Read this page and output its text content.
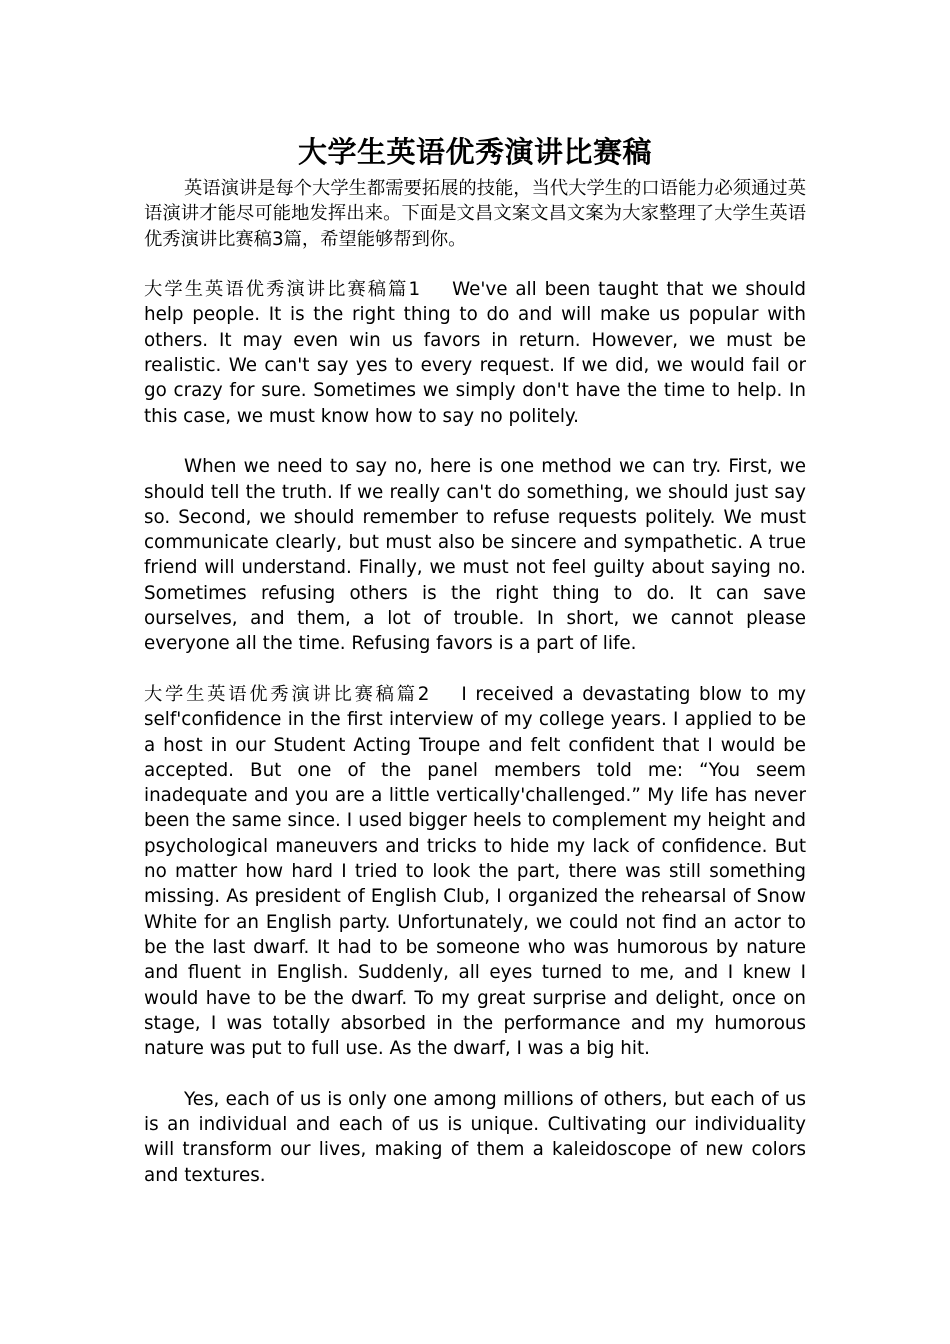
大学生英语优秀演讲比赛稿

英语演讲是每个大学生都需要拓展的技能，当代大学生的口语能力必须通过英语演讲才能尽可能地发挥出来。下面是文昌文案文昌文案为大家整理了大学生英语优秀演讲比赛稿3篇，希望能够帮到你。

大学生英语优秀演讲比赛稿篇1 We've all been taught that we should help people. It is the right thing to do and will make us popular with others. It may even win us favors in return. However, we must be realistic. We can't say yes to every request. If we did, we would fail or go crazy for sure. Sometimes we simply don't have the time to help. In this case, we must know how to say no politely.

When we need to say no, here is one method we can try. First, we should tell the truth. If we really can't do something, we should just say so. Second, we should remember to refuse requests politely. We must communicate clearly, but must also be sincere and sympathetic. A true friend will understand. Finally, we must not feel guilty about saying no. Sometimes refusing others is the right thing to do. It can save ourselves, and them, a lot of trouble. In short, we cannot please everyone all the time. Refusing favors is a part of life.

大学生英语优秀演讲比赛稿篇2 I received a devastating blow to my self'confidence in the first interview of my college years. I applied to be a host in our Student Acting Troupe and felt confident that I would be accepted. But one of the panel members told me: “You seem inadequate and you are a little vertically'challenged.” My life has never been the same since. I used bigger heels to complement my height and psychological maneuvers and tricks to hide my lack of confidence. But no matter how hard I tried to look the part, there was still something missing. As president of English Club, I organized the rehearsal of Snow White for an English party. Unfortunately, we could not find an actor to be the last dwarf. It had to be someone who was humorous by nature and fluent in English. Suddenly, all eyes turned to me, and I knew I would have to be the dwarf. To my great surprise and delight, once on stage, I was totally absorbed in the performance and my humorous nature was put to full use. As the dwarf, I was a big hit.

Yes, each of us is only one among millions of others, but each of us is an individual and each of us is unique. Cultivating our individuality will transform our lives, making of them a kaleidoscope of new colors and textures.
